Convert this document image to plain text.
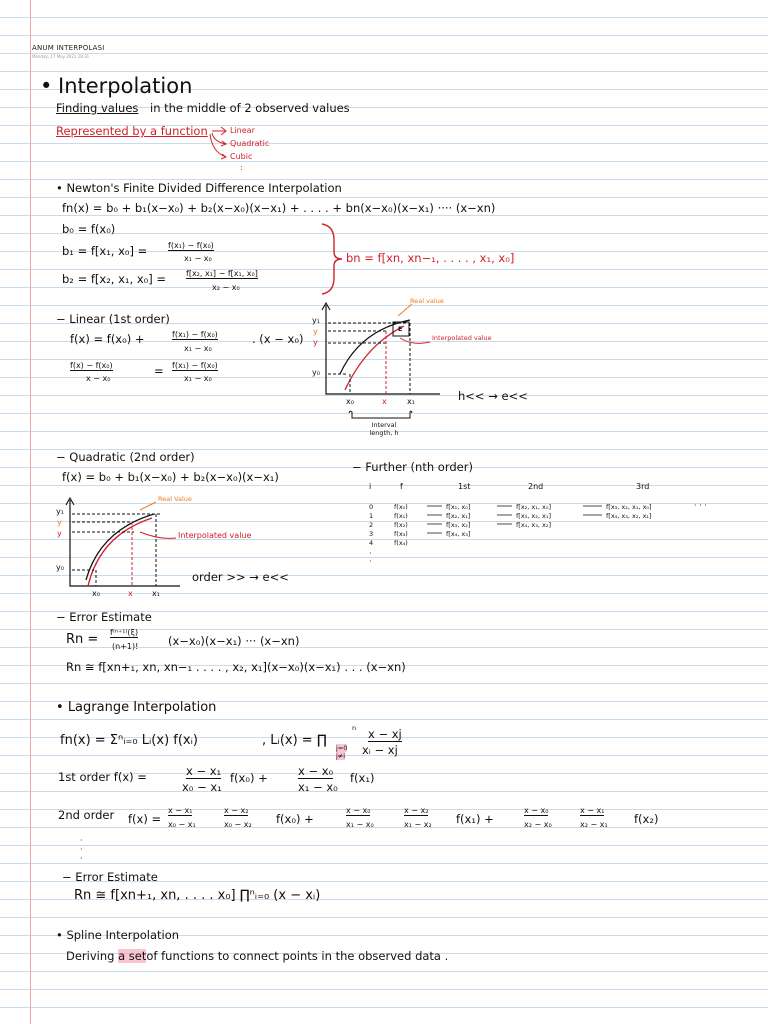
ANUM INTERPOLASI
Monday, 17 May 2021 18:31
• Interpolation
Finding values in the middle of 2 observed values
Represented by a function	Linear
Quadratic
Cubic
:
• Newton's Finite Divided Difference Interpolation
fn(x) = b₀ + b₁(x−x₀) + b₂(x−x₀)(x−x₁) + . . . . + bn(x−x₀)(x−x₁) ···· (x−xn)
b₀ = f(x₀)
b₁ = f[x₁, x₀] =	f(x₁) − f(x₀)
x₁ − x₀
b₂ = f[x₂, x₁, x₀] = f[x₂, x₁] − f[x₁, x₀]
x₂ − x₀
bn = f[xn, xn−₁, . . . . , x₁, x₀]
− Linear (1st order)
f(x) = f(x₀) +	f(x₁) − f(x₀)
x₁ − x₀
. (x − x₀)
f(x) − f(x₀)
x − x₀
= f(x₁) − f(x₀)
x₁ − x₀
Real value
Interpolated value
y₁
y
y
y₀
x₀	x	x₁
E
Interval length, h
h<< → e<<
− Quadratic (2nd order)
f(x) = b₀ + b₁(x−x₀) + b₂(x−x₀)(x−x₁)
Real Value
Interpolated value
y₁
y
y
y₀
x₀	x x₁
order >> → e<<
− Further (nth order)
i	f	1st	2nd	3rd
0	f(x₀)	f[x₁, x₀]	f[x₂, x₁, x₀]	f[x₃, x₂, x₁, x₀]	· · ·
1	f(x₁)	f[x₂, x₁]	f[x₃, x₂, x₁]	f[x₄, x₃, x₂, x₁]
2	f(x₂)	f[x₃, x₂]	f[x₄, x₃, x₂]
3	f(x₃)	f[x₄, x₃]
4	f(x₄)
·
·
− Error Estimate
Rn = f⁽ⁿ⁺¹⁾(ξ)
(n+1)!	(x−x₀)(x−x₁) ··· (x−xn)
Rn ≅ f[xn+₁, xn, xn−₁ . . . . , x₂, x₁](x−x₀)(x−x₁) . . . (x−xn)
• Lagrange Interpolation
fn(x) = Σⁿᵢ₌₀ Lᵢ(x) f(xᵢ)	, Lᵢ(x) = ∏
n
j=0
j≠i
x − xj
xᵢ − xj
1st order f(x) =	x − x₁
x₀ − x₁
f(x₀) +	x − x₀
x₁ − x₀
f(x₁)
2nd order f(x) =
x − x₁
x₀ − x₁
x − x₂
x₀ − x₂ f(x₀) +
x − x₀
x₁ − x₀
x − x₂
x₁ − x₂ f(x₁) +
x − x₀
x₂ − x₀
x − x₁
x₂ − x₁ f(x₂)
·
·
·
− Error Estimate
Rn ≅ f[xn+₁, xn, . . . . x₀] ∏ⁿᵢ₌₀ (x − xᵢ)
• Spline Interpolation
Deriving a setof functions to connect points in the observed data .
